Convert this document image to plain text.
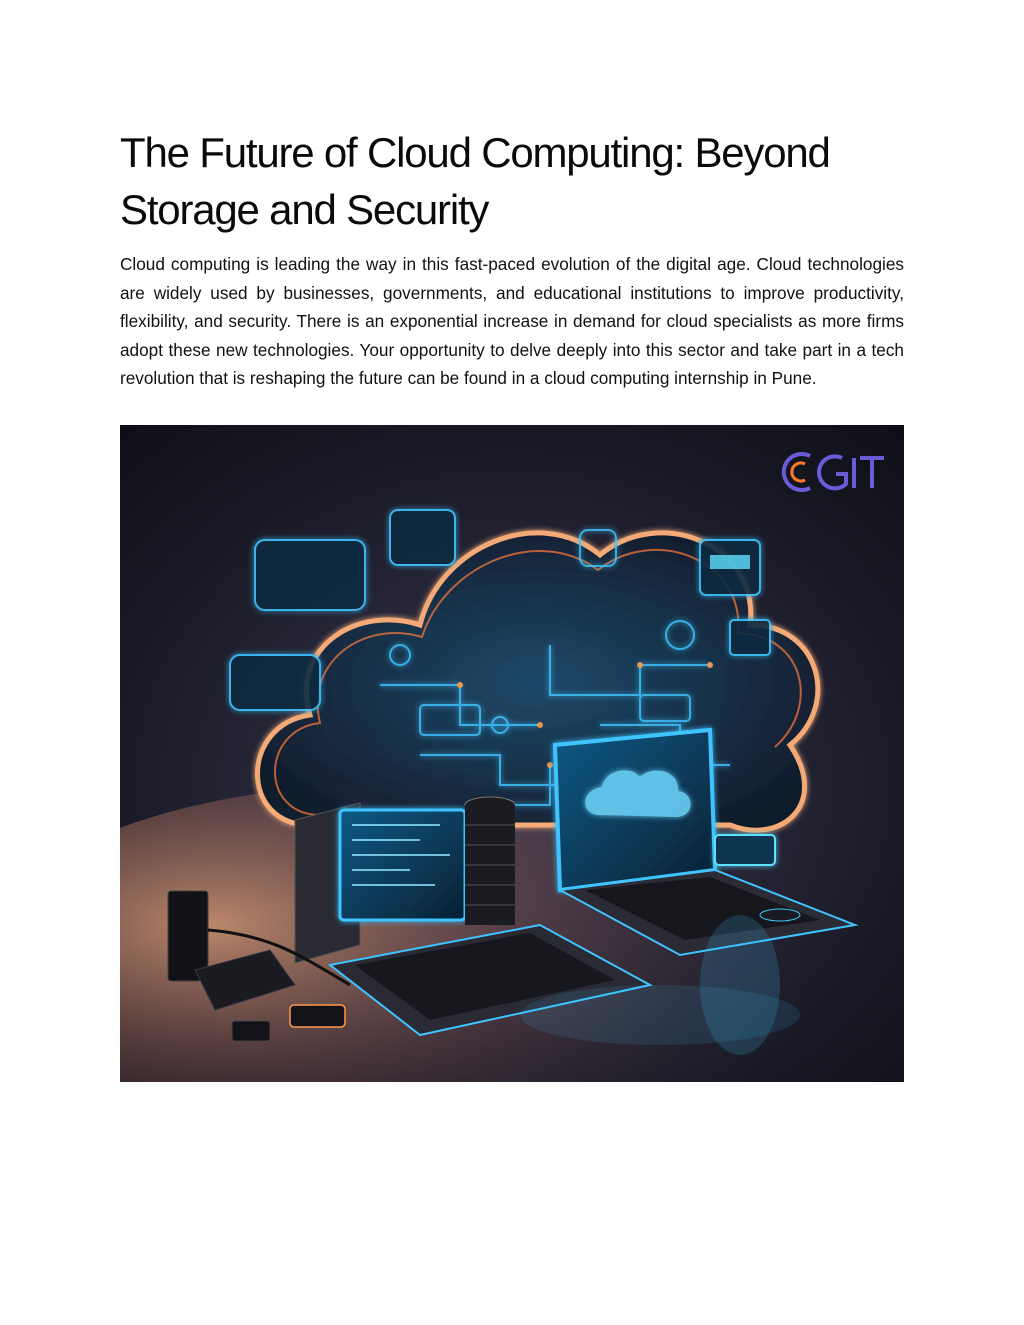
The Future of Cloud Computing: Beyond Storage and Security

Cloud computing is leading the way in this fast-paced evolution of the digital age. Cloud technologies are widely used by businesses, governments, and educational institutions to improve productivity, flexibility, and security. There is an exponential increase in demand for cloud specialists as more firms adopt these new technologies. Your opportunity to delve deeply into this sector and take part in a tech revolution that is reshaping the future can be found in a cloud computing internship in Pune.
